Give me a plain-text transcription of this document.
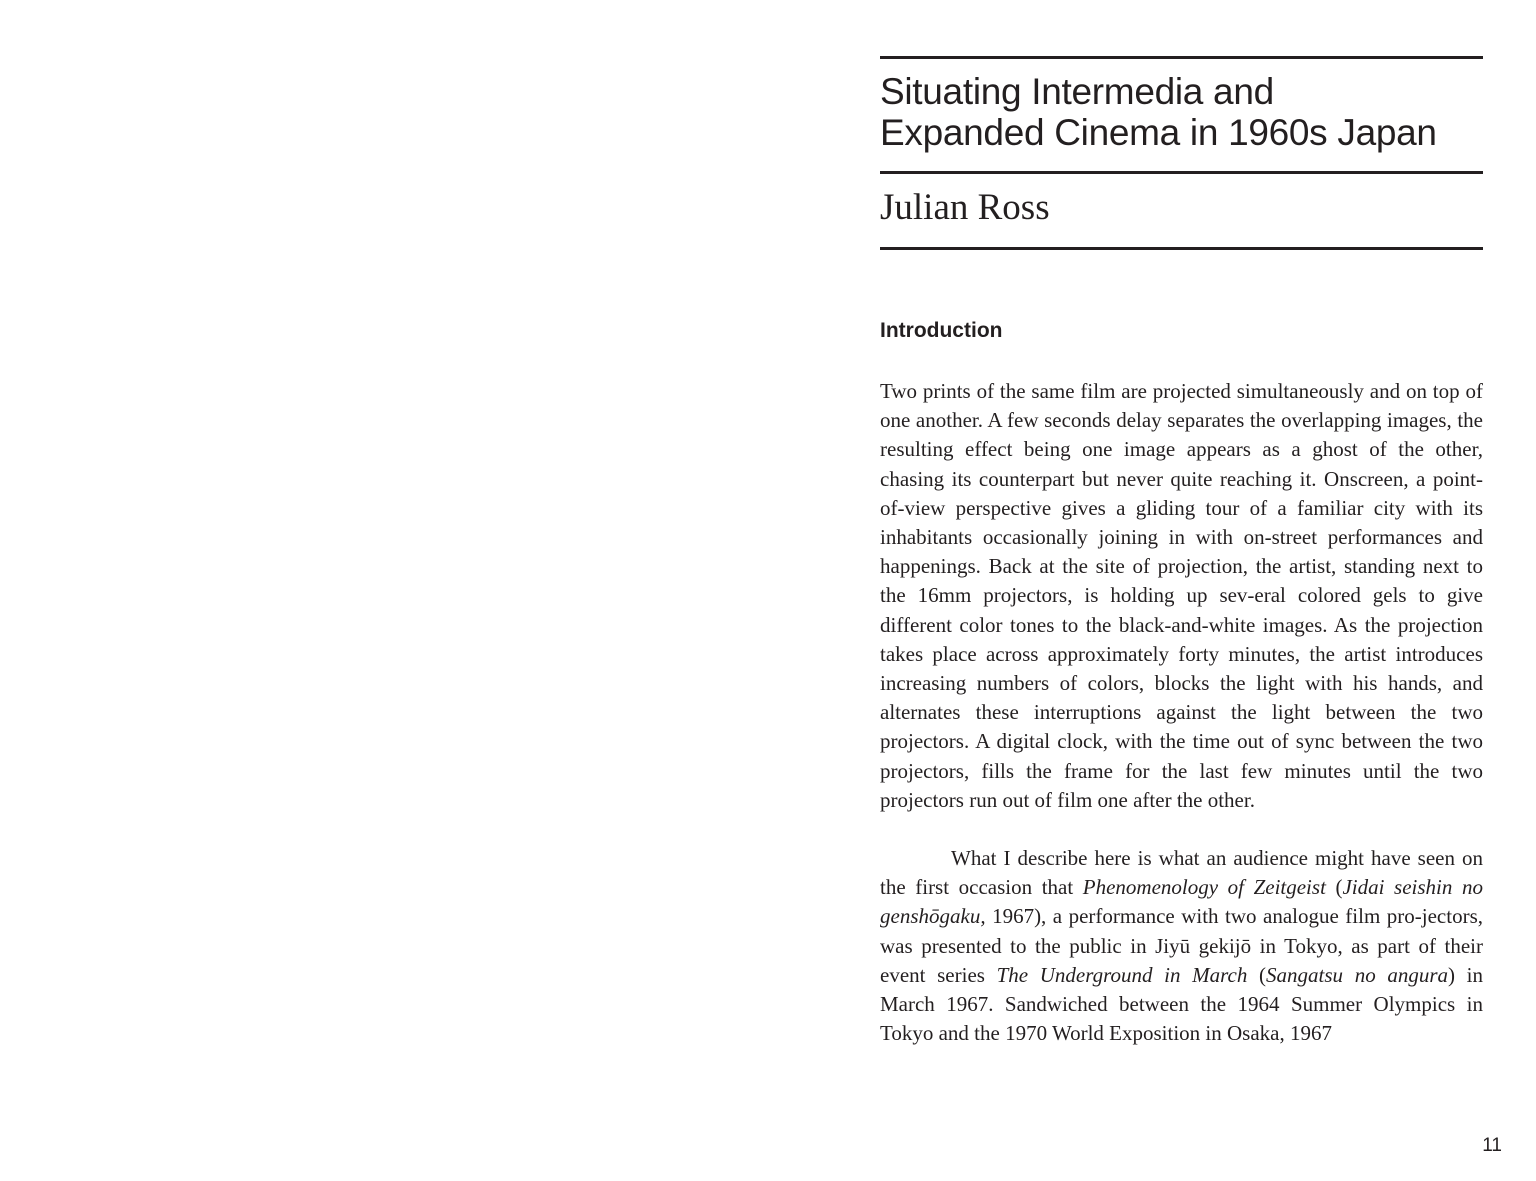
Situating Intermedia and
Expanded Cinema in 1960s Japan
Julian Ross
Introduction

Two prints of the same film are projected simultaneously and on top of one another. A few seconds delay separates the overlapping images, the resulting effect being one image appears as a ghost of the other, chasing its counterpart but never quite reaching it. Onscreen, a point-of-view perspective gives a gliding tour of a familiar city with its inhabitants occasionally joining in with on-street performances and happenings. Back at the site of projection, the artist, standing next to the 16mm projectors, is holding up sev-eral colored gels to give different color tones to the black-and-white images. As the projection takes place across approximately forty minutes, the artist introduces increasing numbers of colors, blocks the light with his hands, and alternates these interruptions against the light between the two projectors. A digital clock, with the time out of sync between the two projectors, fills the frame for the last few minutes until the two projectors run out of film one after the other.

What I describe here is what an audience might have seen on the first occasion that Phenomenology of Zeitgeist (Jidai seishin no genshōgaku, 1967), a performance with two analogue film pro-jectors, was presented to the public in Jiyū gekijō in Tokyo, as part of their event series The Underground in March (Sangatsu no angura) in March 1967. Sandwiched between the 1964 Summer Olympics in Tokyo and the 1970 World Exposition in Osaka, 1967

11
